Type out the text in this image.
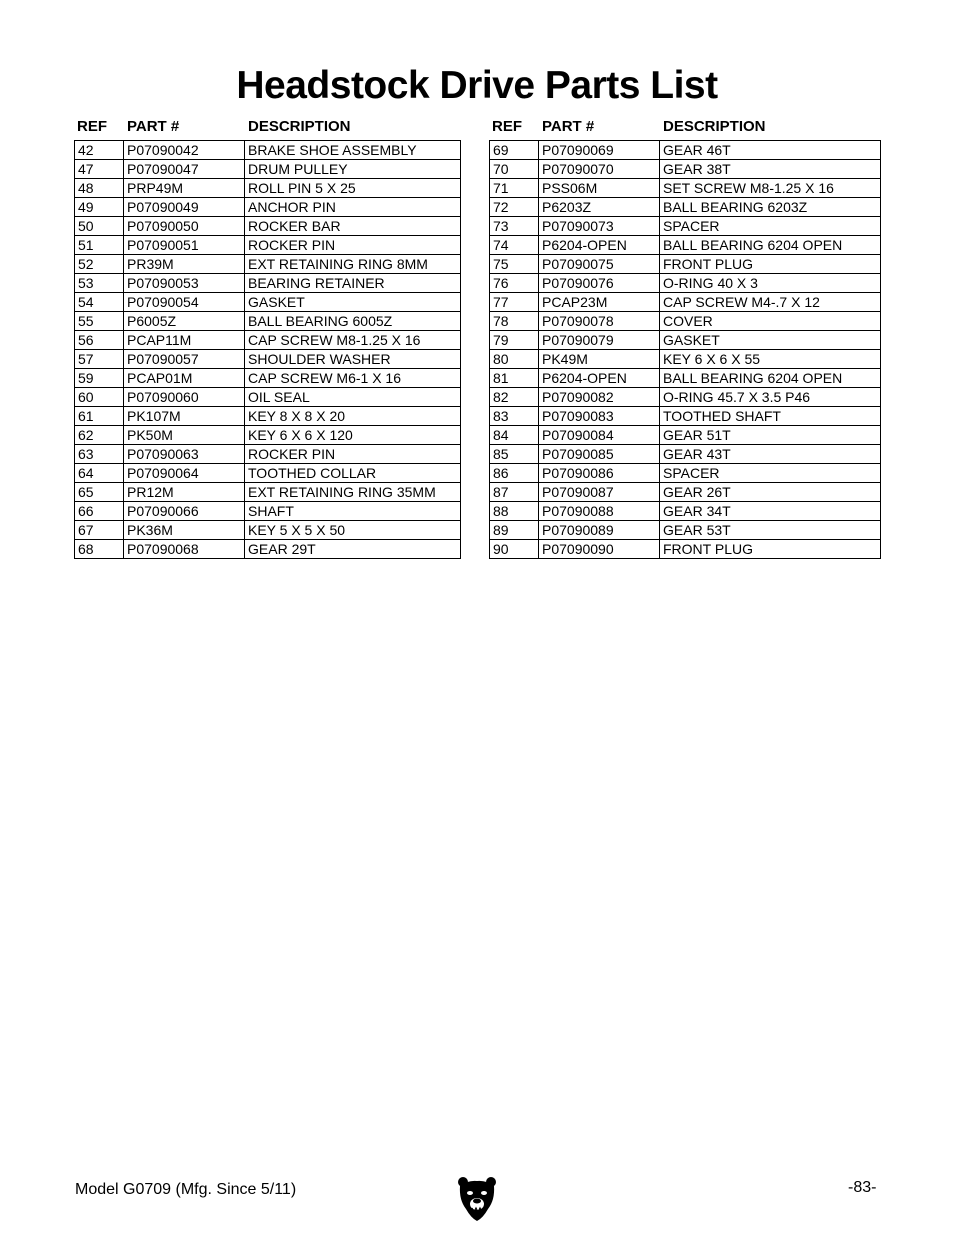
Headstock Drive Parts List
REF PART #	DESCRIPTION
42	P07090042	BRAKE SHOE ASSEMBLY
47	P07090047	DRUM PULLEY
48	PRP49M	ROLL PIN 5 X 25
49	P07090049	ANCHOR PIN
50	P07090050	ROCKER BAR
51	P07090051	ROCKER PIN
52	PR39M	EXT RETAINING RING 8MM
53	P07090053	BEARING RETAINER
54	P07090054	GASKET
55	P6005Z	BALL BEARING 6005Z
56	PCAP11M	CAP SCREW M8-1.25 X 16
57	P07090057	SHOULDER WASHER
59	PCAP01M	CAP SCREW M6-1 X 16
60	P07090060	OIL SEAL
61	PK107M	KEY 8 X 8 X 20
62	PK50M	KEY 6 X 6 X 120
63	P07090063	ROCKER PIN
64	P07090064	TOOTHED COLLAR
65	PR12M	EXT RETAINING RING 35MM
66	P07090066	SHAFT
67	PK36M	KEY 5 X 5 X 50
68	P07090068	GEAR 29T
REF PART #	DESCRIPTION
69	P07090069	GEAR 46T
70	P07090070	GEAR 38T
71	PSS06M	SET SCREW M8-1.25 X 16
72	P6203Z	BALL BEARING 6203Z
73	P07090073	SPACER
74	P6204-OPEN	BALL BEARING 6204 OPEN
75	P07090075	FRONT PLUG
76	P07090076	O-RING 40 X 3
77	PCAP23M	CAP SCREW M4-.7 X 12
78	P07090078	COVER
79	P07090079	GASKET
80	PK49M	KEY 6 X 6 X 55
81	P6204-OPEN	BALL BEARING 6204 OPEN
82	P07090082	O-RING 45.7 X 3.5 P46
83	P07090083	TOOTHED SHAFT
84	P07090084	GEAR 51T
85	P07090085	GEAR 43T
86	P07090086	SPACER
87	P07090087	GEAR 26T
88	P07090088	GEAR 34T
89	P07090089	GEAR 53T
90	P07090090	FRONT PLUG
Model G0709 (Mfg. Since 5/11)	-83-
